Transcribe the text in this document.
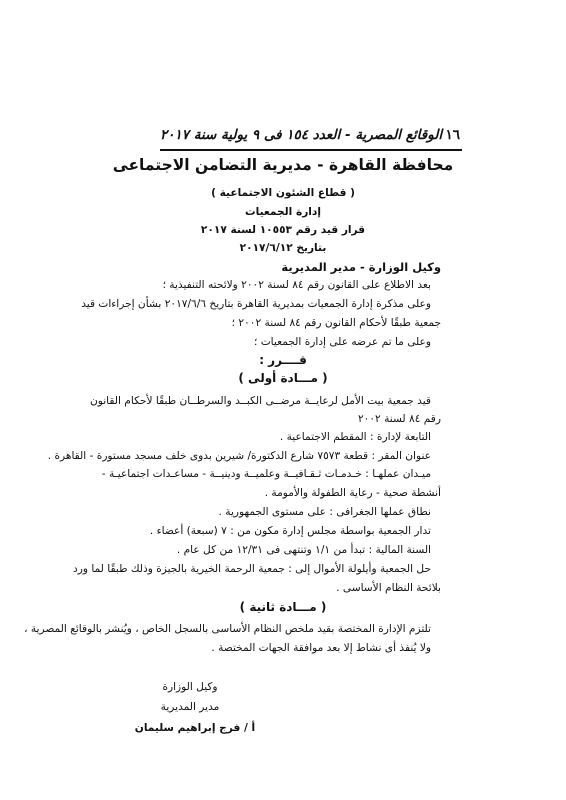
١٦
الوقائع المصرية - العدد ١٥٤ فى ٩ يولية سنة ٢٠١٧
محافظة القاهرة - مديرية التضامن الاجتماعى
( قطاع الشئون الاجتماعية )
إدارة الجمعيات
قرار قيد رقم ١٠٥٥٣ لسنة ٢٠١٧
بتاريخ ٢٠١٧/٦/١٢
وكيل الوزارة - مدير المديرية
بعد الاطلاع على القانون رقم ٨٤ لسنة ٢٠٠٢ ولائحته التنفيذية ؛
وعلى مذكرة إدارة الجمعيات بمديرية القاهرة بتاريخ ٢٠١٧/٦/٦ بشأن إجراءات قيد
جمعية طبقًا لأحكام القانون رقم ٨٤ لسنة ٢٠٠٢ ؛
وعلى ما تم عرضه على إدارة الجمعيات ؛
قــــرر :
( مـــادة أولى )
قيد جمعية بيت الأمل لرعايــة مرضــى الكبــد والسرطــان طبقًا لأحكام القانون
رقم ٨٤ لسنة ٢٠٠٢
التابعة لإدارة : المقطم الاجتماعية .
عنوان المقر : قطعة ٧٥٧٣ شارع الدكتورة/ شيرين بدوى خلف مسجد مستورة - القاهرة .
ميـدان عملهـا : خـدمـات ثـقـافيــة وعلميــة ودينيــة - مساعـدات اجتماعيـة -
أنشطة صحية - رعاية الطفولة والأمومة .
نطاق عملها الجغرافى : على مستوى الجمهورية .
تدار الجمعية بواسطة مجلس إدارة مكون من : ٧ (سبعة) أعضاء .
السنة المالية : تبدأ من ١/١ وتنتهى فى ١٢/٣١ من كل عام .
حل الجمعية وأيلولة الأموال إلى : جمعية الرحمة الخيرية بالجيزة وذلك طبقًا لما ورد
بلائحة النظام الأساسى .
( مـــادة ثانية )
تلتزم الإدارة المختصة بقيد ملخص النظام الأساسى بالسجل الخاص ، ويُنشر بالوقائع المصرية ،
ولا يُنفذ أى نشاط إلا بعد موافقة الجهات المختصة .
وكيل الوزارة
مدير المديرية
أ / فرج إبراهيم سليمان
